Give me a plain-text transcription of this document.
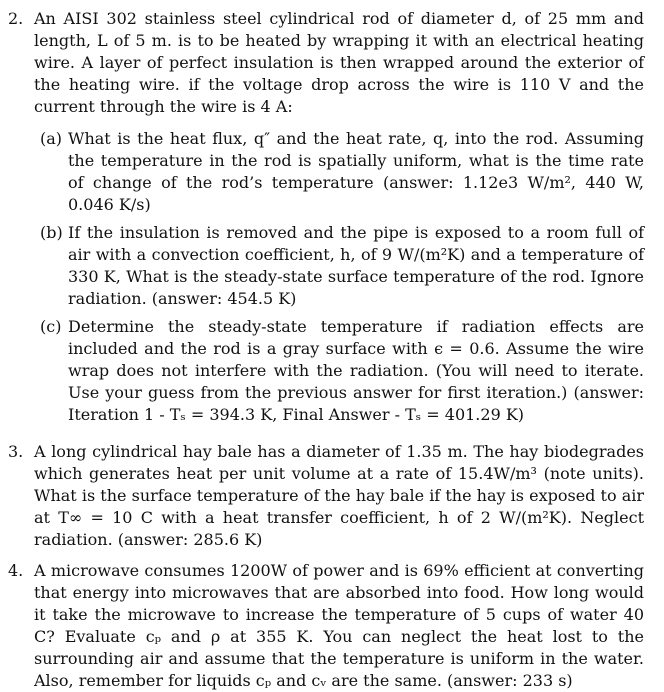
2. An AISI 302 stainless steel cylindrical rod of diameter d, of 25 mm and length, L of 5 m. is to be heated by wrapping it with an electrical heating wire. A layer of perfect insulation is then wrapped around the exterior of the heating wire. if the voltage drop across the wire is 110 V and the current through the wire is 4 A:
(a) What is the heat flux, q″ and the heat rate, q, into the rod. Assuming the temperature in the rod is spatially uniform, what is the time rate of change of the rod’s temperature (answer: 1.12e3 W/m², 440 W, 0.046 K/s)
(b) If the insulation is removed and the pipe is exposed to a room full of air with a convection coefficient, h, of 9 W/(m²K) and a temperature of 330 K, What is the steady-state surface temperature of the rod. Ignore radiation. (answer: 454.5 K)
(c) Determine the steady-state temperature if radiation effects are included and the rod is a gray surface with ϵ = 0.6. Assume the wire wrap does not interfere with the radiation. (You will need to iterate. Use your guess from the previous answer for first iteration.) (answer: Iteration 1 - Tₛ = 394.3 K, Final Answer - Tₛ = 401.29 K)
3. A long cylindrical hay bale has a diameter of 1.35 m. The hay biodegrades which generates heat per unit volume at a rate of 15.4W/m³ (note units). What is the surface temperature of the hay bale if the hay is exposed to air at T∞ = 10 C with a heat transfer coefficient, h of 2 W/(m²K). Neglect radiation. (answer: 285.6 K)
4. A microwave consumes 1200W of power and is 69% efficient at converting that energy into microwaves that are absorbed into food. How long would it take the microwave to increase the temperature of 5 cups of water 40 C? Evaluate cₚ and ρ at 355 K. You can neglect the heat lost to the surrounding air and assume that the temperature is uniform in the water. Also, remember for liquids cₚ and cᵥ are the same. (answer: 233 s)
